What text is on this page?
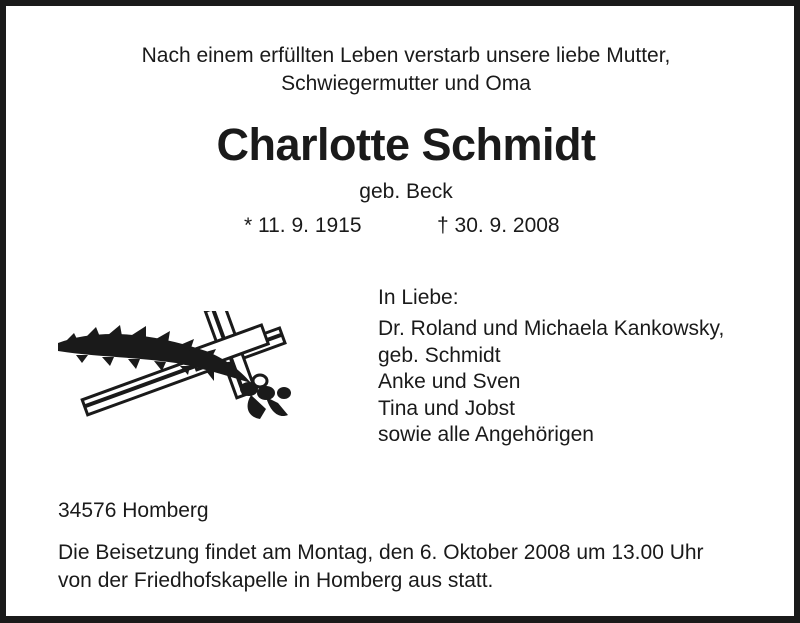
Nach einem erfüllten Leben verstarb unsere liebe Mutter,
Schwiegermutter und Oma
Charlotte Schmidt
geb. Beck
* 11. 9. 1915	† 30. 9. 2008
In Liebe:
Dr. Roland und Michaela Kankowsky,
geb. Schmidt
Anke und Sven
Tina und Jobst
sowie alle Angehörigen
34576 Homberg
Die Beisetzung findet am Montag, den 6. Oktober 2008 um 13.00 Uhr
von der Friedhofskapelle in Homberg aus statt.
